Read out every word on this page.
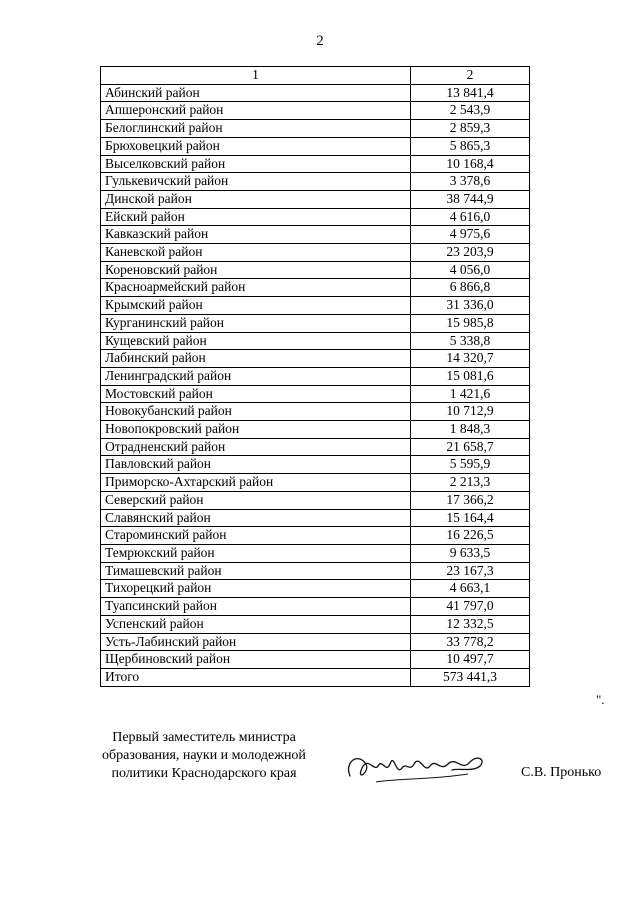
2
1	2
Абинский район	13 841,4
Апшеронский район	2 543,9
Белоглинский район	2 859,3
Брюховецкий район	5 865,3
Выселковский район	10 168,4
Гулькевичский район	3 378,6
Динской район	38 744,9
Ейский район	4 616,0
Кавказский район	4 975,6
Каневской район	23 203,9
Кореновский район	4 056,0
Красноармейский район	6 866,8
Крымский район	31 336,0
Курганинский район	15 985,8
Кущевский район	5 338,8
Лабинский район	14 320,7
Ленинградский район	15 081,6
Мостовский район	1 421,6
Новокубанский район	10 712,9
Новопокровский район	1 848,3
Отрадненский район	21 658,7
Павловский район	5 595,9
Приморско-Ахтарский район	2 213,3
Северский район	17 366,2
Славянский район	15 164,4
Староминский район	16 226,5
Темрюкский район	9 633,5
Тимашевский район	23 167,3
Тихорецкий район	4 663,1
Туапсинский район	41 797,0
Успенский район	12 332,5
Усть-Лабинский район	33 778,2
Щербиновский район	10 497,7
Итого	573 441,3
".
Первый заместитель министра
образования, науки и молодежной
политики Краснодарского края	С.В. Пронько
